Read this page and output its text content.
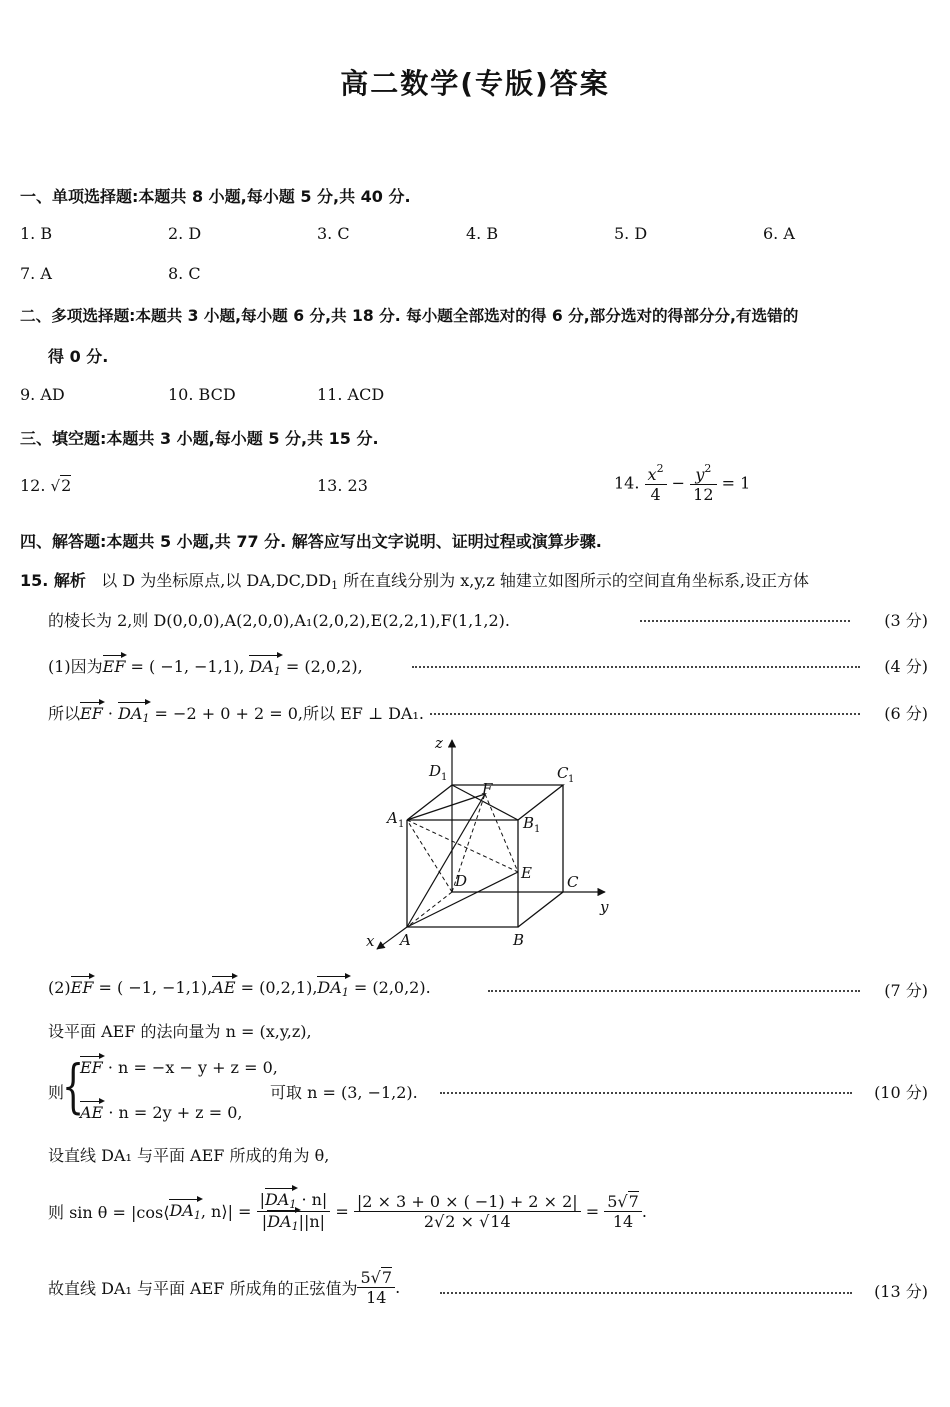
高二数学(专版)答案
一、单项选择题:本题共 8 小题,每小题 5 分,共 40 分.
1. B	2. D	3. C	4. B	5. D	6. A
7. A	8. C
二、多项选择题:本题共 3 小题,每小题 6 分,共 18 分. 每小题全部选对的得 6 分,部分选对的得部分分,有选错的
得 0 分.
9. AD	10. BCD	11. ACD
三、填空题:本题共 3 小题,每小题 5 分,共 15 分.
12. √2	13. 23	14. $\frac{x^2}{4} - \frac{y^2}{12} = 1$
四、解答题:本题共 5 小题,共 77 分. 解答应写出文字说明、证明过程或演算步骤.
15. 解析 以 D 为坐标原点,以 $DA,DC,DD_1$ 所在直线分别为 x,y,z 轴建立如图所示的空间直角坐标系,设正方体
的棱长为 2,则 D(0,0,0),A(2,0,0),A₁(2,0,2),E(2,2,1),F(1,1,2).	(3 分)
(1)因为EF = ( −1, −1,1), $DA_1 = (2,0,2)$,	(4 分)
所以EF · $DA_1 = -2 + 0 + 2 = 0$,所以 EF ⊥ DA₁.	(6 分)
z
y
x
D 1	C 1
A 1	B 1
F
E
D	C
A	B
(2)EF = ( −1, $-1,1),AE = (0,2,1),DA_1 = (2,0,2)$.	(7 分)
设平面 AEF 的法向量为 n = (x,y,z),
则
{
EF · n = −x − y + z = 0,
AE · n = 2y + z = 0,
可取 n = (3, −1,2).	(10 分)
设直线 DA₁ 与平面 AEF 所成的角为 θ,
则 $\sin \theta = |\cos⟨DA_1$, n⟩| = $\frac{|DA_1 \cdot n|}{|DA_1||n|} = \frac{|2 \times 3 + 0 \times ( -1) + 2 \times 2|}{2√2 \times √14} = \frac{5√7}{14}$ .
故直线 DA₁ 与平面 AEF 所成角的正弦值为 $\frac{5√7}{14}$ .	(13 分)
